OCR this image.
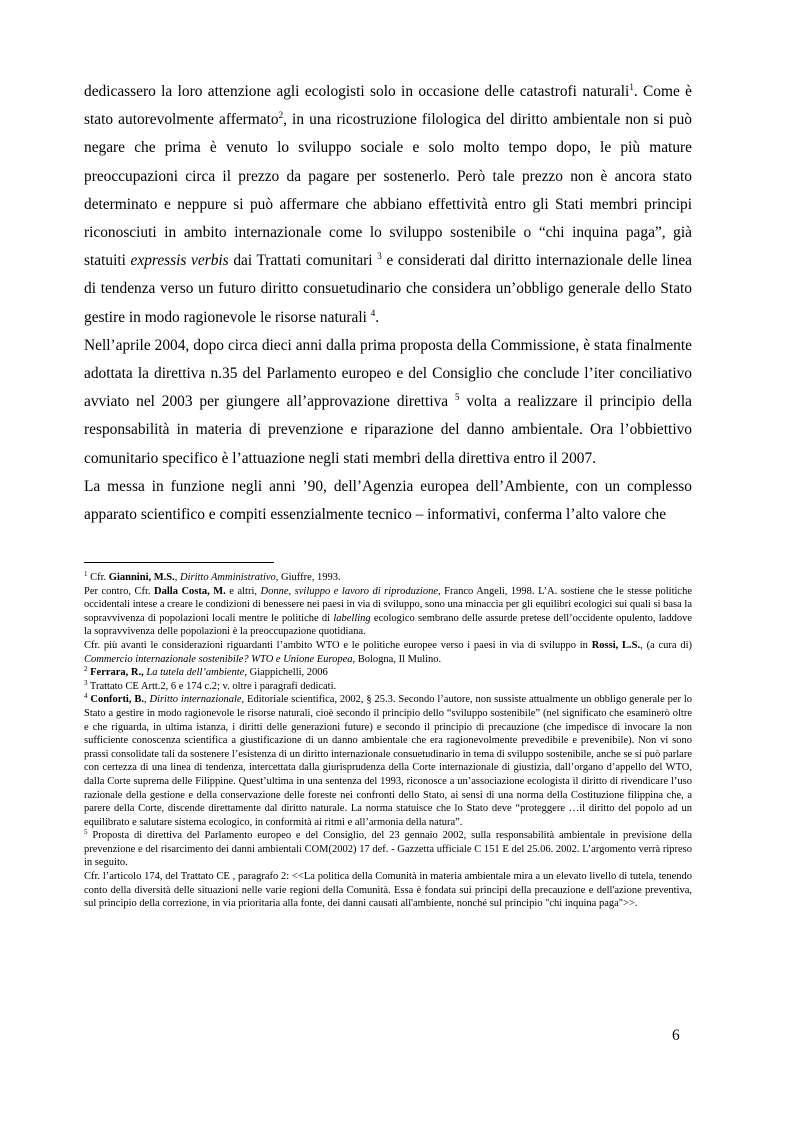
dedicassero la loro attenzione agli ecologisti solo in occasione delle catastrofi naturali$^1$. Come è stato autorevolmente affermato$^2$, in una ricostruzione filologica del diritto ambientale non si può negare che prima è venuto lo sviluppo sociale e solo molto tempo dopo, le più mature preoccupazioni circa il prezzo da pagare per sostenerlo. Però tale prezzo non è ancora stato determinato e neppure si può affermare che abbiano effettività entro gli Stati membri principi riconosciuti in ambito internazionale come lo sviluppo sostenibile o “chi inquina paga”, già statuiti expressis verbis dai Trattati comunitari $^3$ e considerati dal diritto internazionale delle linea di tendenza verso un futuro diritto consuetudinario che considera un’obbligo generale dello Stato gestire in modo ragionevole le risorse naturali $^4$.

Nell’aprile 2004, dopo circa dieci anni dalla prima proposta della Commissione, è stata finalmente adottata la direttiva n.35 del Parlamento europeo e del Consiglio che conclude l’iter conciliativo avviato nel 2003 per giungere all’approvazione direttiva $^5$ volta a realizzare il principio della responsabilità in materia di prevenzione e riparazione del danno ambientale. Ora l’obbiettivo comunitario specifico è l’attuazione negli stati membri della direttiva entro il 2007.

La messa in funzione negli anni ’90, dell’Agenzia europea dell’Ambiente, con un complesso apparato scientifico e compiti essenzialmente tecnico – informativi, conferma l’alto valore che

$^1$ Cfr. Giannini, M.S., Diritto Amministrativo, Giuffre, 1993.

Per contro, Cfr. Dalla Costa, M. e altri, Donne, sviluppo e lavoro di riproduzione, Franco Angeli, 1998. L’A. sostiene che le stesse politiche occidentali intese a creare le condizioni di benessere nei paesi in via di sviluppo, sono una minaccia per gli equilibri ecologici sui quali si basa la sopravvivenza di popolazioni locali mentre le politiche di labelling ecologico sembrano delle assurde pretese dell’occidente opulento, laddove la sopravvivenza delle popolazioni è la preoccupazione quotidiana.

Cfr. più avanti le considerazioni riguardanti l’ambito WTO e le politiche europee verso i paesi in via di sviluppo in Rossi, L.S., (a cura di) Commercio internazionale sostenibile? WTO e Unione Europea, Bologna, Il Mulino.

$^2$ Ferrara, R., La tutela dell’ambiente, Giappichelli, 2006

$^3$ Trattato CE Artt.2, 6 e 174 c.2; v. oltre i paragrafi dedicati.

$^4$ Conforti, B., Diritto internazionale, Editoriale scientifica, 2002, § 25.3. Secondo l’autore, non sussiste attualmente un obbligo generale per lo Stato a gestire in modo ragionevole le risorse naturali, cioè secondo il principio dello “sviluppo sostenibile” (nel significato che esaminerò oltre e che riguarda, in ultima istanza, i diritti delle generazioni future) e secondo il principio di precauzione (che impedisce di invocare la non sufficiente conoscenza scientifica a giustificazione di un danno ambientale che era ragionevolmente prevedibile e prevenibile). Non vi sono prassi consolidate tali da sostenere l’esistenza di un diritto internazionale consuetudinario in tema di sviluppo sostenibile, anche se si può parlare con certezza di una linea di tendenza, intercettata dalla giurisprudenza della Corte internazionale di giustizia, dall’organo d’appello del WTO, dalla Corte suprema delle Filippine. Quest’ultima in una sentenza del 1993, riconosce a un’associazione ecologista il diritto di rivendicare l’uso razionale della gestione e della conservazione delle foreste nei confronti dello Stato, ai sensi di una norma della Costituzione filippina che, a parere della Corte, discende direttamente dal diritto naturale. La norma statuisce che lo Stato deve “proteggere …il diritto del popolo ad un equilibrato e salutare sistema ecologico, in conformità ai ritmi e all’armonia della natura”.

$^5$ Proposta di direttiva del Parlamento europeo e del Consiglio, del 23 gennaio 2002, sulla responsabilità ambientale in previsione della prevenzione e del risarcimento dei danni ambientali COM(2002) 17 def. - Gazzetta ufficiale C 151 E del 25.06. 2002. L’argomento verrà ripreso in seguito.

Cfr. l’articolo 174, del Trattato CE , paragrafo 2: <<La politica della Comunità in materia ambientale mira a un elevato livello di tutela, tenendo conto della diversità delle situazioni nelle varie regioni della Comunità. Essa è fondata sui principi della precauzione e dell'azione preventiva, sul principio della correzione, in via prioritaria alla fonte, dei danni causati all'ambiente, nonché sul principio "chi inquina paga">>.

6
